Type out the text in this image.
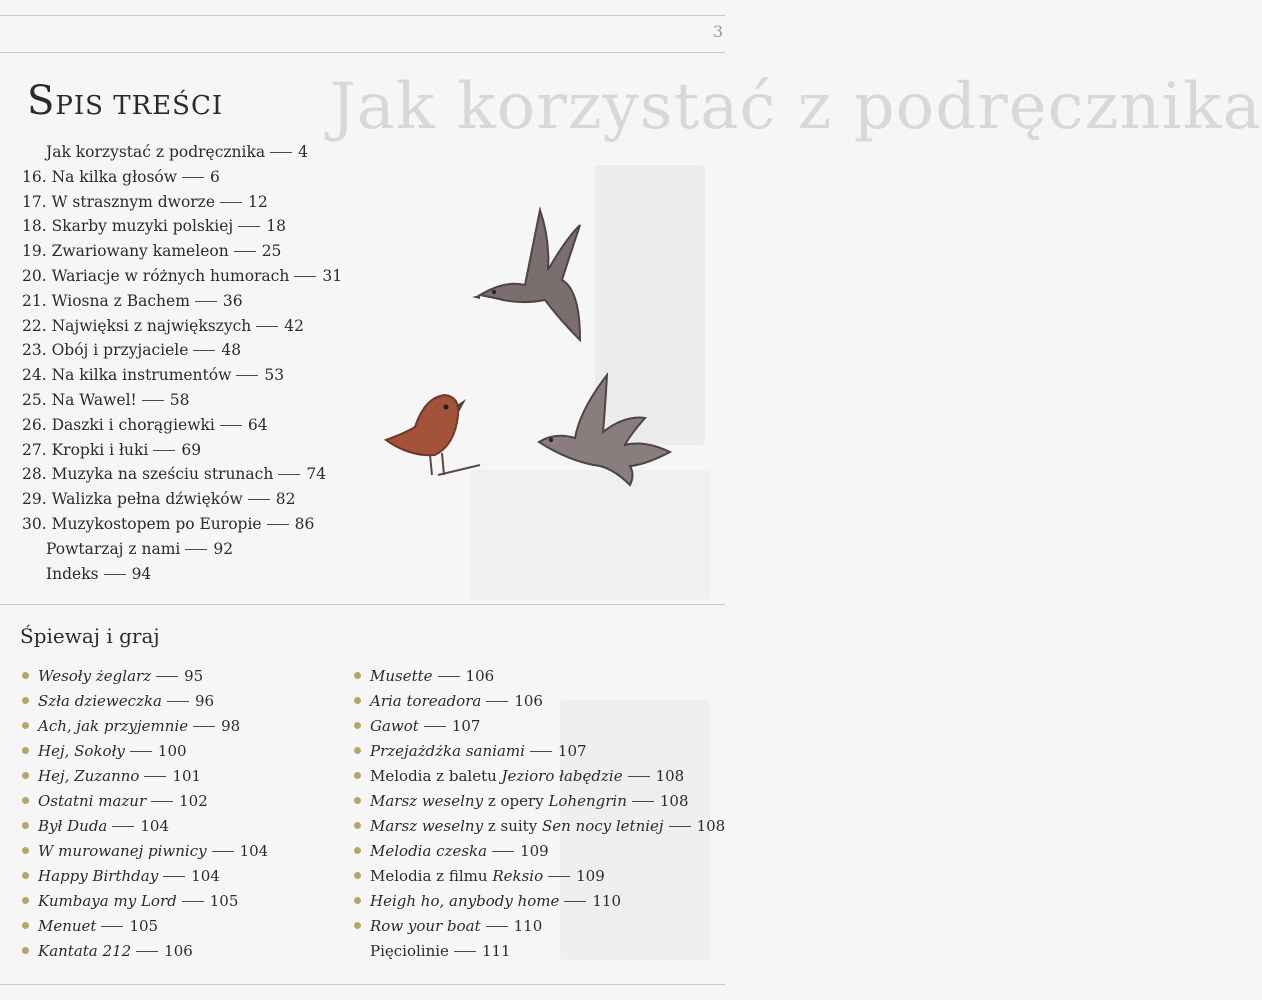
3
Jak korzystać z podręcznika
SPIS TREŚCI
Jak korzystać z podręcznika 4
16. Na kilka głosów 6
17. W strasznym dworze 12
18. Skarby muzyki polskiej 18
19. Zwariowany kameleon 25
20. Wariacje w różnych humorach 31
21. Wiosna z Bachem 36
22. Najwięksi z największych 42
23. Obój i przyjaciele 48
24. Na kilka instrumentów 53
25. Na Wawel! 58
26. Daszki i chorągiewki 64
27. Kropki i łuki 69
28. Muzyka na sześciu strunach 74
29. Walizka pełna dźwięków 82
30. Muzykostopem po Europie 86
Powtarzaj z nami 92
Indeks 94
Śpiewaj i graj
Wesoły żeglarz 95
Szła dzieweczka 96
Ach, jak przyjemnie 98
Hej, Sokoły 100
Hej, Zuzanno 101
Ostatni mazur 102
Był Duda 104
W murowanej piwnicy 104
Happy Birthday 104
Kumbaya my Lord 105
Menuet 105
Kantata 212 106
Musette 106
Aria toreadora 106
Gawot 107
Przejażdżka saniami 107
Melodia z baletu Jezioro łabędzie 108
Marsz weselny z opery Lohengrin 108
Marsz weselny z suity Sen nocy letniej 108
Melodia czeska 109
Melodia z filmu Reksio 109
Heigh ho, anybody home 110
Row your boat 110
Pięciolinie 111
